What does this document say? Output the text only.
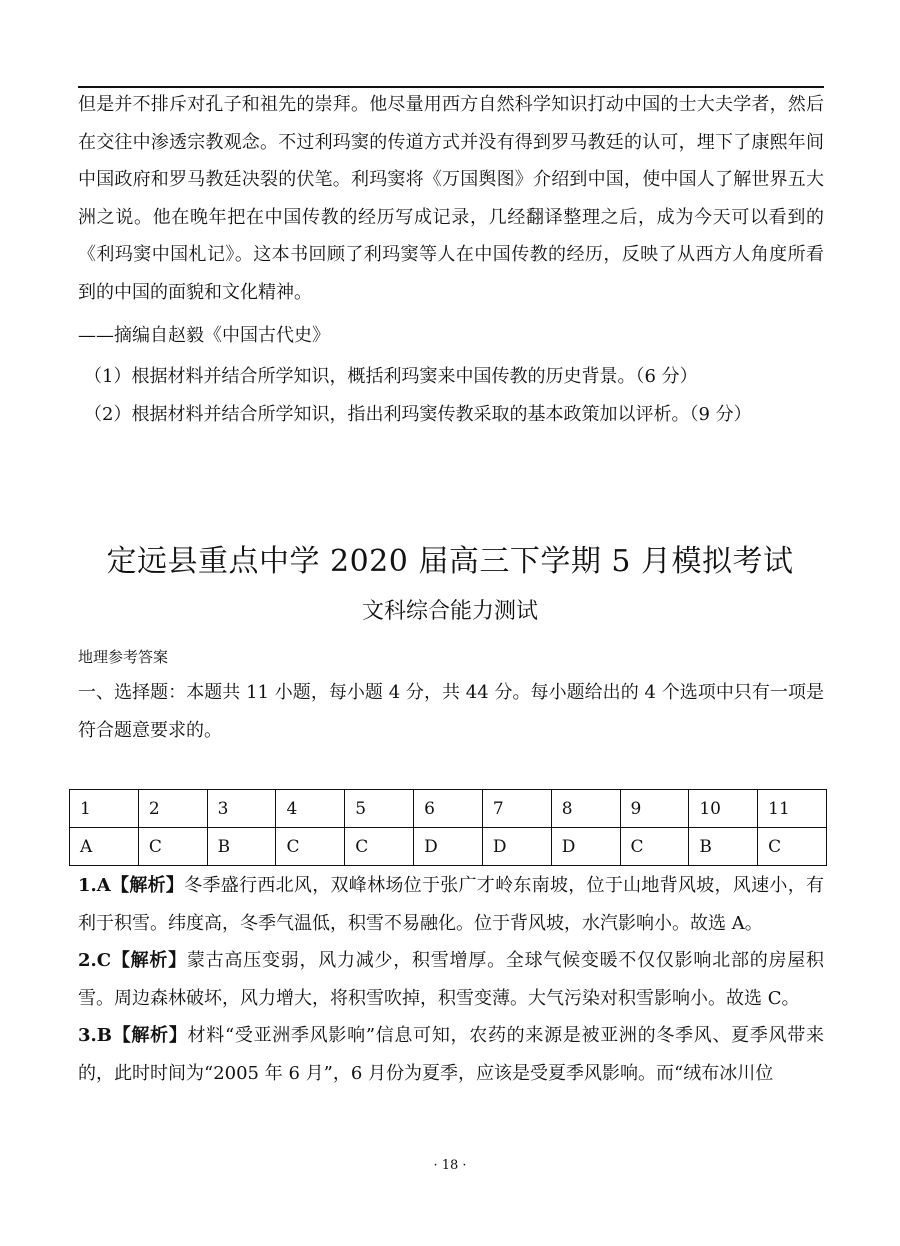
但是并不排斥对孔子和祖先的崇拜。他尽量用西方自然科学知识打动中国的士大夫学者，然后在交往中渗透宗教观念。不过利玛窦的传道方式并没有得到罗马教廷的认可，埋下了康熙年间中国政府和罗马教廷决裂的伏笔。利玛窦将《万国舆图》介绍到中国，使中国人了解世界五大洲之说。他在晚年把在中国传教的经历写成记录，几经翻译整理之后，成为今天可以看到的《利玛窦中国札记》。这本书回顾了利玛窦等人在中国传教的经历，反映了从西方人角度所看到的中国的面貌和文化精神。
——摘编自赵毅《中国古代史》
（1）根据材料并结合所学知识，概括利玛窦来中国传教的历史背景。（6 分）
（2）根据材料并结合所学知识，指出利玛窦传教采取的基本政策加以评析。（9 分）
定远县重点中学 2020 届高三下学期 5 月模拟考试
文科综合能力测试
地理参考答案
一、选择题：本题共 11 小题，每小题 4 分，共 44 分。每小题给出的 4 个选项中只有一项是符合题意要求的。
1	2	3	4	5	6	7	8	9	10	11
A	C	B	C	C	D	D	D	C	B	C
1.A【解析】冬季盛行西北风，双峰林场位于张广才岭东南坡，位于山地背风坡，风速小，有利于积雪。纬度高，冬季气温低，积雪不易融化。位于背风坡，水汽影响小。故选 A。
2.C【解析】蒙古高压变弱，风力减少，积雪增厚。全球气候变暖不仅仅影响北部的房屋积雪。周边森林破坏，风力增大，将积雪吹掉，积雪变薄。大气污染对积雪影响小。故选 C。
3.B【解析】材料“受亚洲季风影响”信息可知，农药的来源是被亚洲的冬季风、夏季风带来的，此时时间为“2005 年 6 月”，6 月份为夏季，应该是受夏季风影响。而“绒布冰川位
· 18 ·
